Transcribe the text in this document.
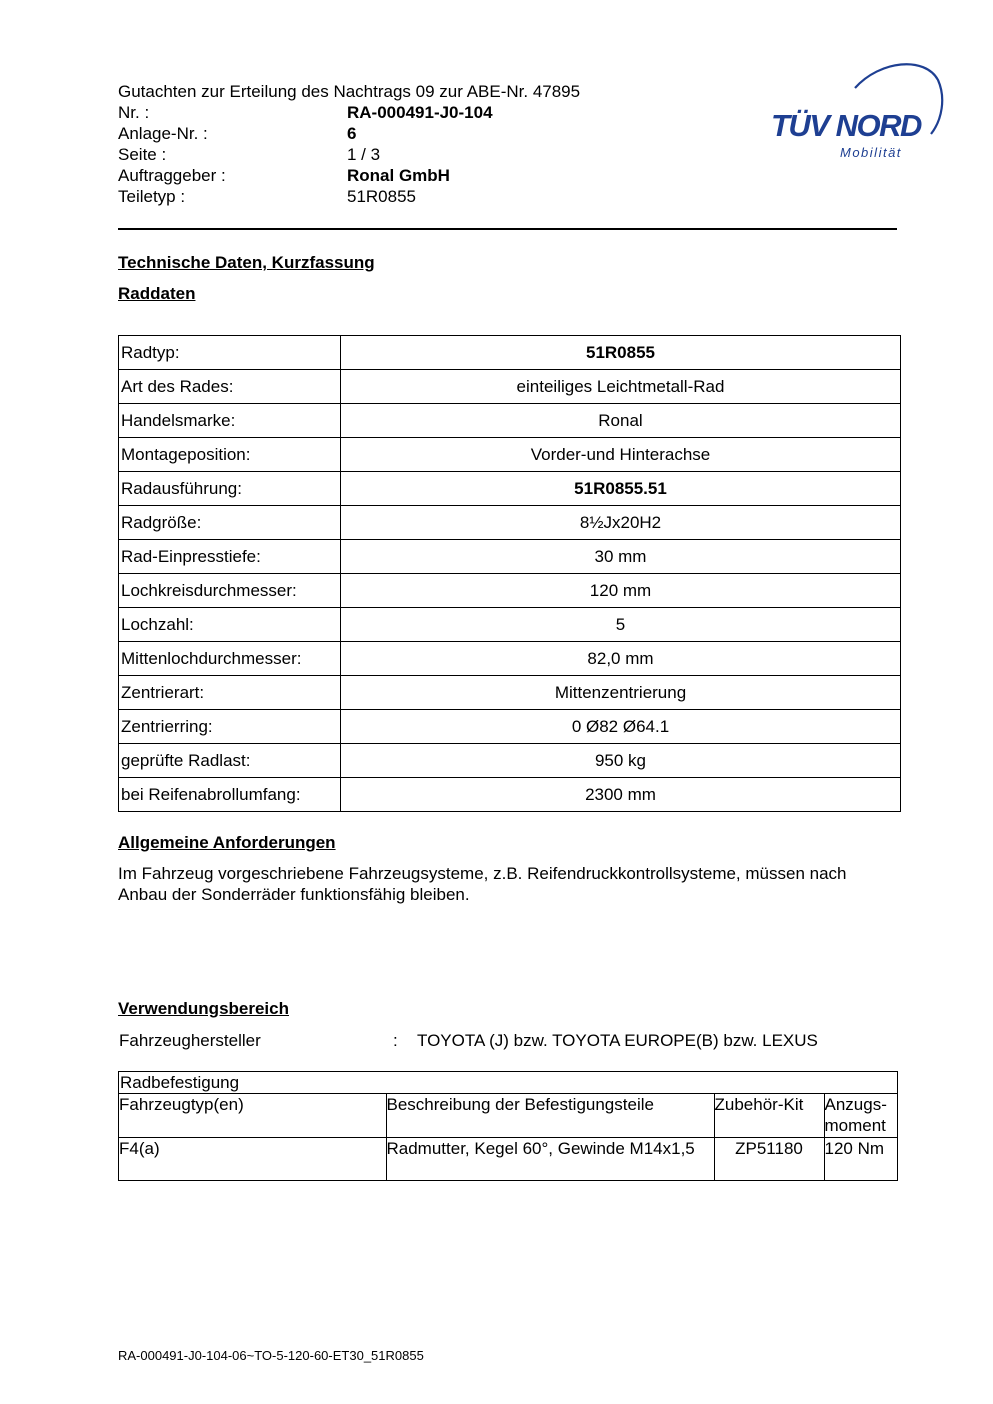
Gutachten zur Erteilung des Nachtrags 09 zur ABE-Nr. 47895
Nr. :	RA-000491-J0-104
Anlage-Nr. :	6
Seite :	1 / 3
Auftraggeber :	Ronal GmbH
Teiletyp :	51R0855
TÜV NORD
Mobilität
Technische Daten, Kurzfassung
Raddaten
Radtyp:	51R0855
Art des Rades:	einteiliges Leichtmetall-Rad
Handelsmarke:	Ronal
Montageposition:	Vorder-und Hinterachse
Radausführung:	51R0855.51
Radgröße:	8½Jx20H2
Rad-Einpresstiefe:	30 mm
Lochkreisdurchmesser:	120 mm
Lochzahl:	5
Mittenlochdurchmesser:	82,0 mm
Zentrierart:	Mittenzentrierung
Zentrierring:	0 Ø82 Ø64.1
geprüfte Radlast:	950 kg
bei Reifenabrollumfang:	2300 mm
Allgemeine Anforderungen
Im Fahrzeug vorgeschriebene Fahrzeugsysteme, z.B. Reifendruckkontrollsysteme, müssen nach Anbau der Sonderräder funktionsfähig bleiben.
Verwendungsbereich
Fahrzeughersteller	: TOYOTA (J) bzw. TOYOTA EUROPE(B) bzw. LEXUS
Radbefestigung
Fahrzeugtyp(en)	Beschreibung der Befestigungsteile	Zubehör-Kit	Anzugs-moment
F4(a)	Radmutter, Kegel 60°, Gewinde M14x1,5	ZP51180	120 Nm
RA-000491-J0-104-06~TO-5-120-60-ET30_51R0855
